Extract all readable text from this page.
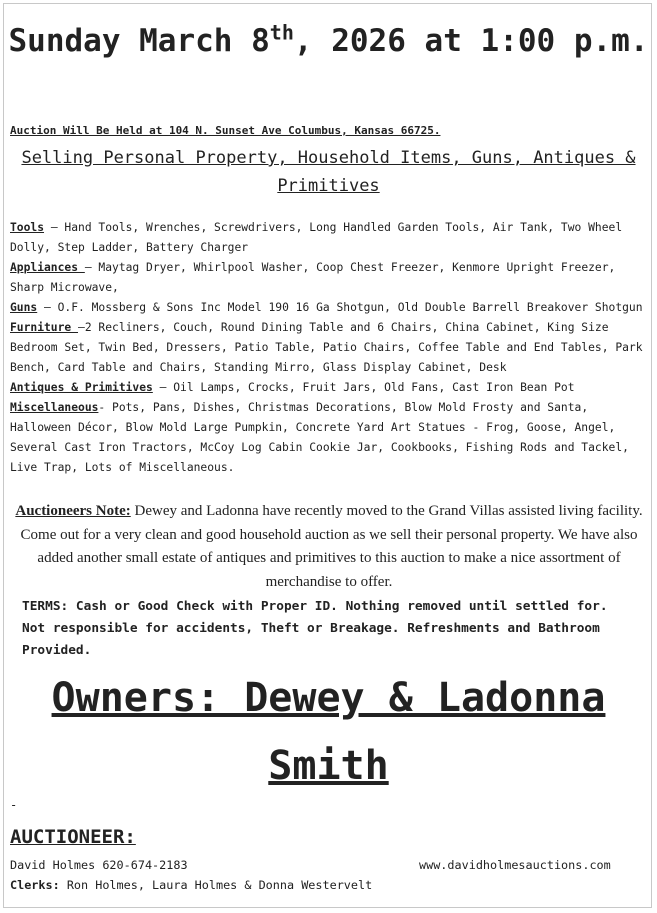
Sunday March 8th, 2026 at 1:00 p.m.
Auction Will Be Held at 104 N. Sunset Ave Columbus, Kansas 66725.
Selling Personal Property, Household Items, Guns, Antiques & Primitives

Tools – Hand Tools, Wrenches, Screwdrivers, Long Handled Garden Tools, Air Tank, Two Wheel Dolly, Step Ladder, Battery Charger

Appliances – Maytag Dryer, Whirlpool Washer, Coop Chest Freezer, Kenmore Upright Freezer, Sharp Microwave,

Guns – O.F. Mossberg & Sons Inc Model 190 16 Ga Shotgun, Old Double Barrell Breakover Shotgun

Furniture –2 Recliners, Couch, Round Dining Table and 6 Chairs, China Cabinet, King Size Bedroom Set, Twin Bed, Dressers, Patio Table, Patio Chairs, Coffee Table and End Tables, Park Bench, Card Table and Chairs, Standing Mirro, Glass Display Cabinet, Desk

Antiques & Primitives – Oil Lamps, Crocks, Fruit Jars, Old Fans, Cast Iron Bean Pot

Miscellaneous- Pots, Pans, Dishes, Christmas Decorations, Blow Mold Frosty and Santa, Halloween Décor, Blow Mold Large Pumpkin, Concrete Yard Art Statues - Frog, Goose, Angel, Several Cast Iron Tractors, McCoy Log Cabin Cookie Jar, Cookbooks, Fishing Rods and Tackel, Live Trap, Lots of Miscellaneous.

Auctioneers Note: Dewey and Ladonna have recently moved to the Grand Villas assisted living facility. Come out for a very clean and good household auction as we sell their personal property. We have also added another small estate of antiques and primitives to this auction to make a nice assortment of merchandise to offer.
TERMS: Cash or Good Check with Proper ID. Nothing removed until settled for. Not responsible for accidents, Theft or Breakage. Refreshments and Bathroom Provided.
Owners: Dewey & Ladonna Smith
-
AUCTIONEER:
David Holmes 620-674-2183	www.davidholmesauctions.com
Clerks: Ron Holmes, Laura Holmes & Donna Westervelt
